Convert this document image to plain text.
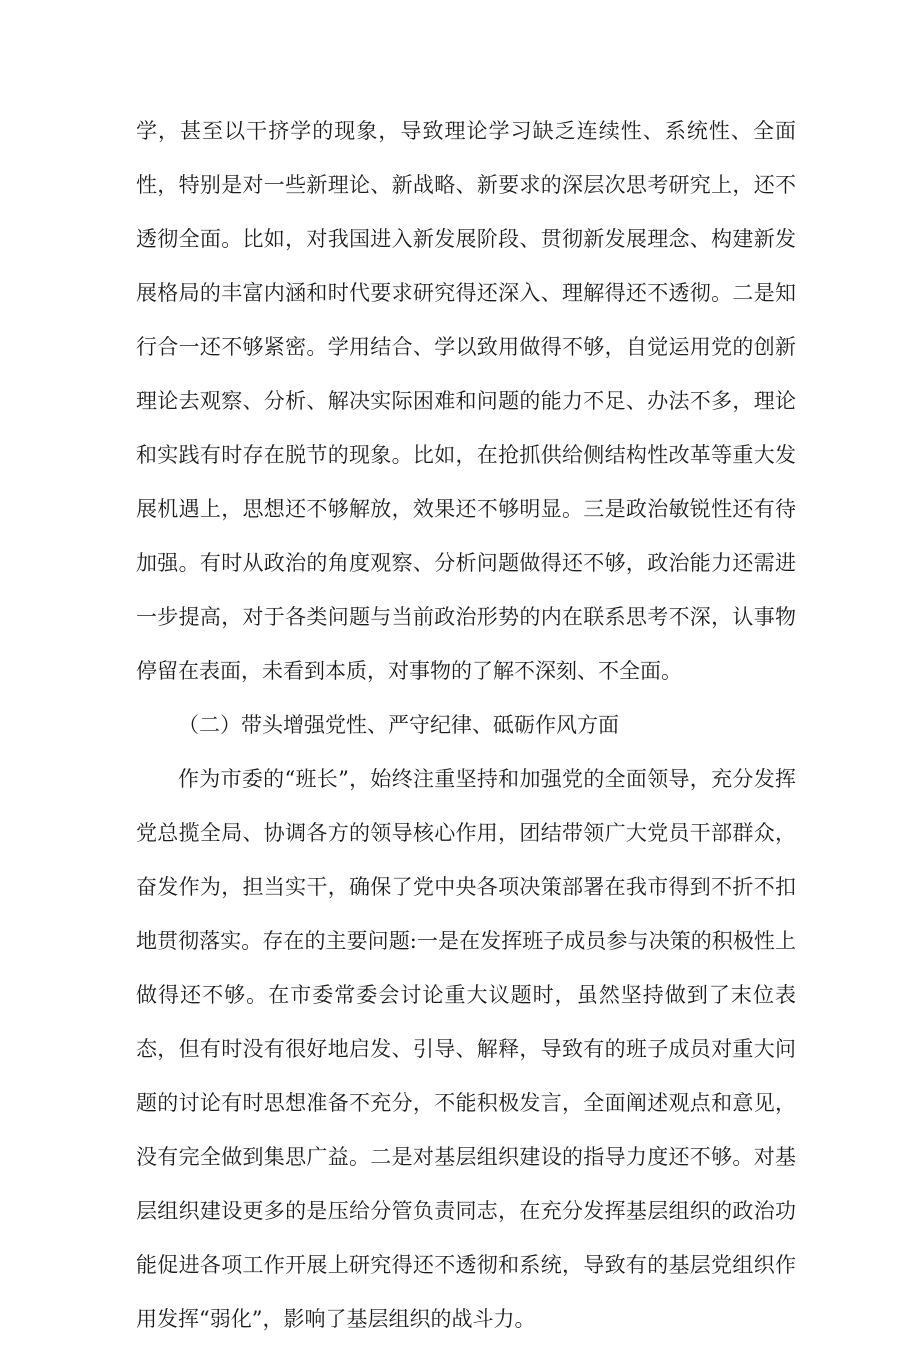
学，甚至以干挤学的现象，导致理论学习缺乏连续性、系统性、全面性，特别是对一些新理论、新战略、新要求的深层次思考研究上，还不透彻全面。比如，对我国进入新发展阶段、贯彻新发展理念、构建新发展格局的丰富内涵和时代要求研究得还深入、理解得还不透彻。二是知行合一还不够紧密。学用结合、学以致用做得不够，自觉运用党的创新理论去观察、分析、解决实际困难和问题的能力不足、办法不多，理论和实践有时存在脱节的现象。比如，在抢抓供给侧结构性改革等重大发展机遇上，思想还不够解放，效果还不够明显。三是政治敏锐性还有待加强。有时从政治的角度观察、分析问题做得还不够，政治能力还需进一步提高，对于各类问题与当前政治形势的内在联系思考不深，认事物停留在表面，未看到本质，对事物的了解不深刻、不全面。

（二）带头增强党性、严守纪律、砥砺作风方面

作为市委的“班长”，始终注重坚持和加强党的全面领导，充分发挥党总揽全局、协调各方的领导核心作用，团结带领广大党员干部群众，奋发作为，担当实干，确保了党中央各项决策部署在我市得到不折不扣地贯彻落实。存在的主要问题:一是在发挥班子成员参与决策的积极性上做得还不够。在市委常委会讨论重大议题时，虽然坚持做到了末位表态，但有时没有很好地启发、引导、解释，导致有的班子成员对重大问题的讨论有时思想准备不充分，不能积极发言，全面阐述观点和意见，没有完全做到集思广益。二是对基层组织建设的指导力度还不够。对基层组织建设更多的是压给分管负责同志，在充分发挥基层组织的政治功能促进各项工作开展上研究得还不透彻和系统，导致有的基层党组织作用发挥“弱化”，影响了基层组织的战斗力。
